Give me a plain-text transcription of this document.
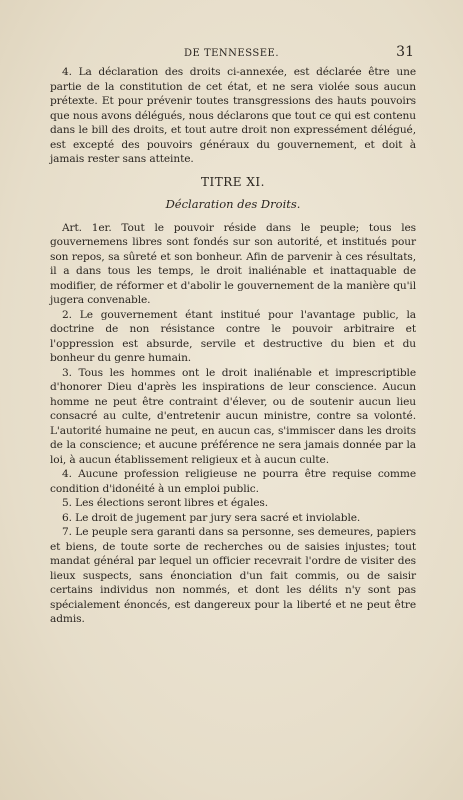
DE TENNESSEE.	31

4. La déclaration des droits ci-annexée, est déclarée être une partie de la constitution de cet état, et ne sera violée sous aucun prétexte. Et pour prévenir toutes transgressions des hauts pouvoirs que nous avons délégués, nous déclarons que tout ce qui est contenu dans le bill des droits, et tout autre droit non expressément délégué, est excepté des pouvoirs généraux du gouvernement, et doit à jamais rester sans atteinte.

TITRE XI.
Déclaration des Droits.

Art. 1er. Tout le pouvoir réside dans le peuple; tous les gouvernemens libres sont fondés sur son autorité, et institués pour son repos, sa sûreté et son bonheur. Afin de parvenir à ces résultats, il a dans tous les temps, le droit inaliénable et inattaquable de modifier, de réformer et d'abolir le gouvernement de la manière qu'il jugera convenable.

2. Le gouvernement étant institué pour l'avantage public, la doctrine de non résistance contre le pouvoir arbitraire et l'oppression est absurde, servile et destructive du bien et du bonheur du genre humain.

3. Tous les hommes ont le droit inaliénable et imprescriptible d'honorer Dieu d'après les inspirations de leur conscience. Aucun homme ne peut être contraint d'élever, ou de soutenir aucun lieu consacré au culte, d'entretenir aucun ministre, contre sa volonté. L'autorité humaine ne peut, en aucun cas, s'immiscer dans les droits de la conscience; et aucune préférence ne sera jamais donnée par la loi, à aucun établissement religieux et à aucun culte.

4. Aucune profession religieuse ne pourra être requise comme condition d'idonéité à un emploi public.

5. Les élections seront libres et égales.

6. Le droit de jugement par jury sera sacré et inviolable.

7. Le peuple sera garanti dans sa personne, ses demeures, papiers et biens, de toute sorte de recherches ou de saisies injustes; tout mandat général par lequel un officier recevrait l'ordre de visiter des lieux suspects, sans énonciation d'un fait commis, ou de saisir certains individus non nommés, et dont les délits n'y sont pas spécialement énoncés, est dangereux pour la liberté et ne peut être admis.
